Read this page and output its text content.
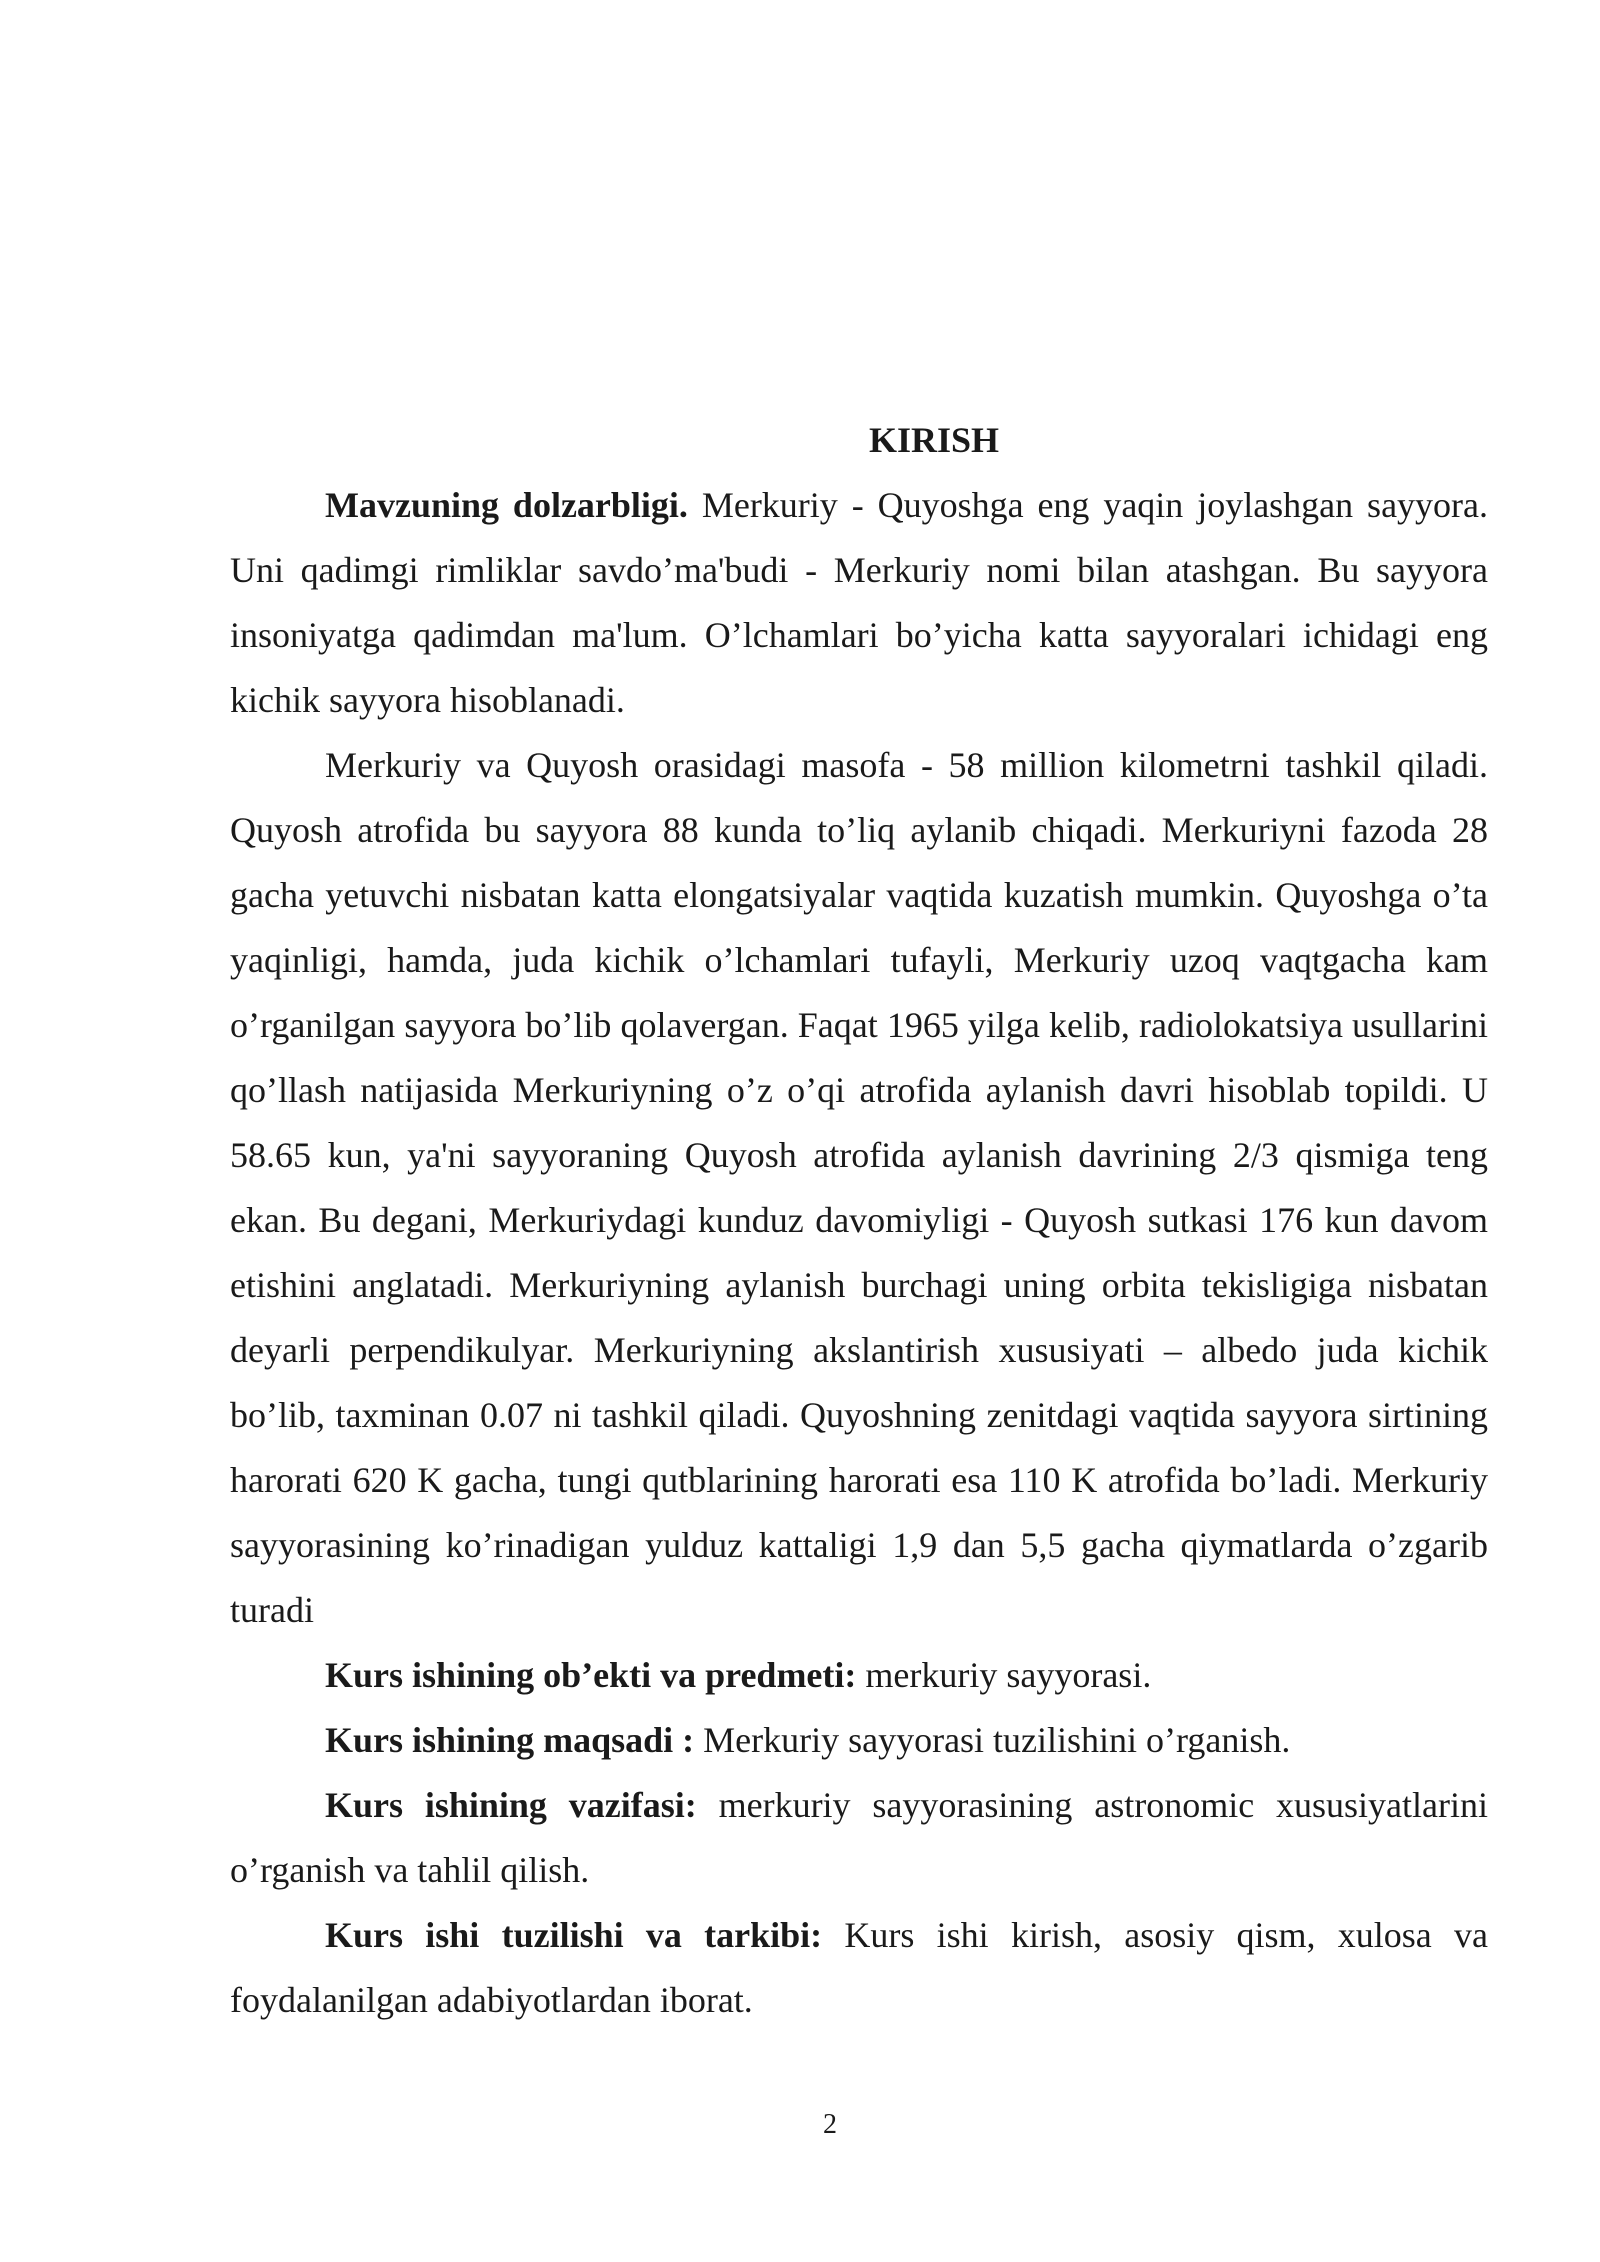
KIRISH

Mavzuning dolzarbligi. Merkuriy - Quyoshga eng yaqin joylashgan sayyora. Uni qadimgi rimliklar savdo’ma'budi - Merkuriy nomi bilan atashgan. Bu sayyora insoniyatga qadimdan ma'lum. O’lchamlari bo’yicha katta sayyoralari ichidagi eng kichik sayyora hisoblanadi.

Merkuriy va Quyosh orasidagi masofa - 58 million kilometrni tashkil qiladi. Quyosh atrofida bu sayyora 88 kunda to’liq aylanib chiqadi. Merkuriyni fazoda 28 gacha yetuvchi nisbatan katta elongatsiyalar vaqtida kuzatish mumkin. Quyoshga o’ta yaqinligi, hamda, juda kichik o’lchamlari tufayli, Merkuriy uzoq vaqtgacha kam o’rganilgan sayyora bo’lib qolavergan. Faqat 1965 yilga kelib, radiolokatsiya usullarini qo’llash natijasida Merkuriyning o’z o’qi atrofida aylanish davri hisoblab topildi. U 58.65 kun, ya'ni sayyoraning Quyosh atrofida aylanish davrining 2/3 qismiga teng ekan. Bu degani, Merkuriydagi kunduz davomiyligi - Quyosh sutkasi 176 kun davom etishini anglatadi. Merkuriyning aylanish burchagi uning orbita tekisligiga nisbatan deyarli perpendikulyar. Merkuriyning akslantirish xususiyati – albedo juda kichik bo’lib, taxminan 0.07 ni tashkil qiladi. Quyoshning zenitdagi vaqtida sayyora sirtining harorati 620 K gacha, tungi qutblarining harorati esa 110 K atrofida bo’ladi. Merkuriy sayyorasining ko’rinadigan yulduz kattaligi 1,9 dan 5,5 gacha qiymatlarda o’zgarib turadi

Kurs ishining ob’ekti va predmeti: merkuriy sayyorasi.

Kurs ishining maqsadi : Merkuriy sayyorasi tuzilishini o’rganish.

Kurs ishining vazifasi: merkuriy sayyorasining astronomic xususiyatlarini o’rganish va tahlil qilish.

Kurs ishi tuzilishi va tarkibi: Kurs ishi kirish, asosiy qism, xulosa va foydalanilgan adabiyotlardan iborat.

2
